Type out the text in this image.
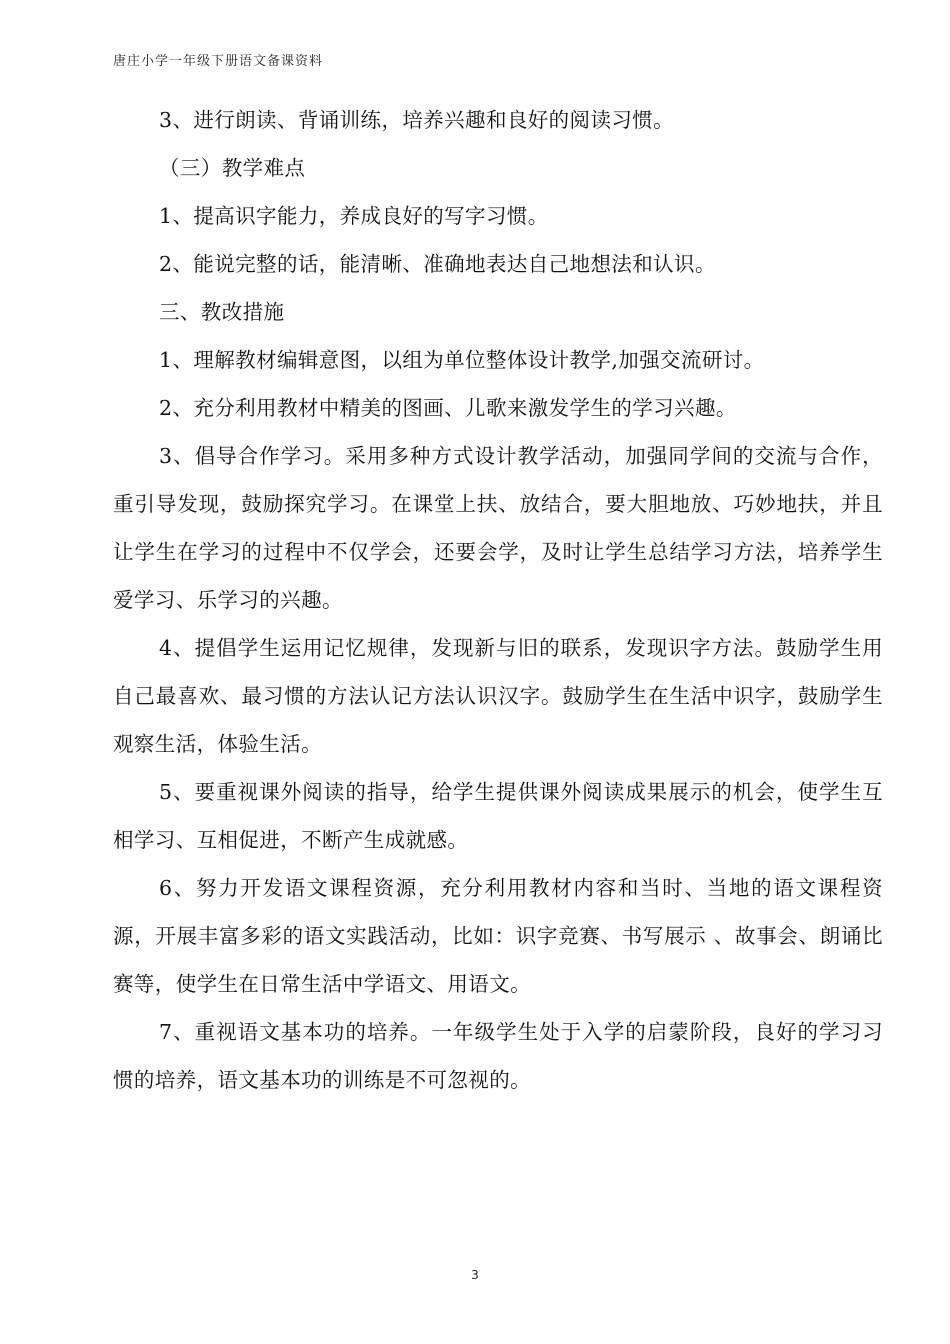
唐庄小学一年级下册语文备课资料

3、进行朗读、背诵训练，培养兴趣和良好的阅读习惯。

（三）教学难点

1、提高识字能力，养成良好的写字习惯。

2、能说完整的话，能清晰、准确地表达自己地想法和认识。

三、教改措施

1、理解教材编辑意图，以组为单位整体设计教学,加强交流研讨。

2、充分利用教材中精美的图画、儿歌来激发学生的学习兴趣。

3、倡导合作学习。采用多种方式设计教学活动，加强同学间的交流与合作，重引导发现，鼓励探究学习。在课堂上扶、放结合，要大胆地放、巧妙地扶，并且让学生在学习的过程中不仅学会，还要会学，及时让学生总结学习方法，培养学生爱学习、乐学习的兴趣。

4、提倡学生运用记忆规律，发现新与旧的联系，发现识字方法。鼓励学生用自己最喜欢、最习惯的方法认记方法认识汉字。鼓励学生在生活中识字，鼓励学生观察生活，体验生活。

5、要重视课外阅读的指导，给学生提供课外阅读成果展示的机会，使学生互相学习、互相促进，不断产生成就感。

6、努力开发语文课程资源，充分利用教材内容和当时、当地的语文课程资源，开展丰富多彩的语文实践活动，比如：识字竞赛、书写展示 、故事会、朗诵比赛等，使学生在日常生活中学语文、用语文。

7、重视语文基本功的培养。一年级学生处于入学的启蒙阶段，良好的学习习惯的培养，语文基本功的训练是不可忽视的。

3
